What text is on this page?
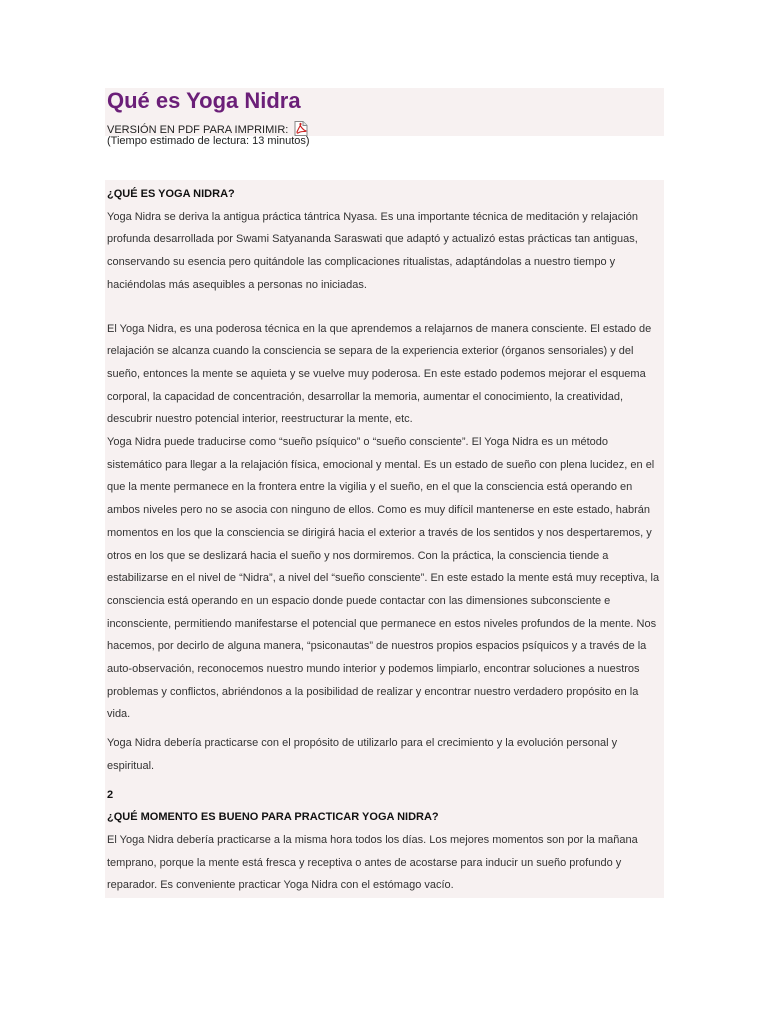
Qué es Yoga Nidra
VERSIÓN EN PDF PARA IMPRIMIR:
(Tiempo estimado de lectura: 13 minutos)

¿QUÉ ES YOGA NIDRA?

Yoga Nidra se deriva la antigua práctica tántrica Nyasa. Es una importante técnica de meditación y relajación profunda desarrollada por Swami Satyananda Saraswati que adaptó y actualizó estas prácticas tan antiguas, conservando su esencia pero quitándole las complicaciones ritualistas, adaptándolas a nuestro tiempo y haciéndolas más asequibles a personas no iniciadas.

El Yoga Nidra, es una poderosa técnica en la que aprendemos a relajarnos de manera consciente. El estado de relajación se alcanza cuando la consciencia se separa de la experiencia exterior (órganos sensoriales) y del sueño, entonces la mente se aquieta y se vuelve muy poderosa. En este estado podemos mejorar el esquema corporal, la capacidad de concentración, desarrollar la memoria, aumentar el conocimiento, la creatividad, descubrir nuestro potencial interior, reestructurar la mente, etc.

Yoga Nidra puede traducirse como “sueño psíquico” o “sueño consciente”. El Yoga Nidra es un método sistemático para llegar a la relajación física, emocional y mental. Es un estado de sueño con plena lucidez, en el que la mente permanece en la frontera entre la vigilia y el sueño, en el que la consciencia está operando en ambos niveles pero no se asocia con ninguno de ellos. Como es muy difícil mantenerse en este estado, habrán momentos en los que la consciencia se dirigirá hacia el exterior a través de los sentidos y nos despertaremos, y otros en los que se deslizará hacia el sueño y nos dormiremos. Con la práctica, la consciencia tiende a estabilizarse en el nivel de “Nidra”, a nivel del “sueño consciente”. En este estado la mente está muy receptiva, la consciencia está operando en un espacio donde puede contactar con las dimensiones subconsciente e inconsciente, permitiendo manifestarse el potencial que permanece en estos niveles profundos de la mente. Nos hacemos, por decirlo de alguna manera, “psiconautas” de nuestros propios espacios psíquicos y a través de la auto-observación, reconocemos nuestro mundo interior y podemos limpiarlo, encontrar soluciones a nuestros problemas y conflictos, abriéndonos a la posibilidad de realizar y encontrar nuestro verdadero propósito en la vida.

Yoga Nidra debería practicarse con el propósito de utilizarlo para el crecimiento y la evolución personal y espiritual.

2

¿QUÉ MOMENTO ES BUENO PARA PRACTICAR YOGA NIDRA?

El Yoga Nidra debería practicarse a la misma hora todos los días. Los mejores momentos son por la mañana temprano, porque la mente está fresca y receptiva o antes de acostarse para inducir un sueño profundo y reparador. Es conveniente practicar Yoga Nidra con el estómago vacío.
